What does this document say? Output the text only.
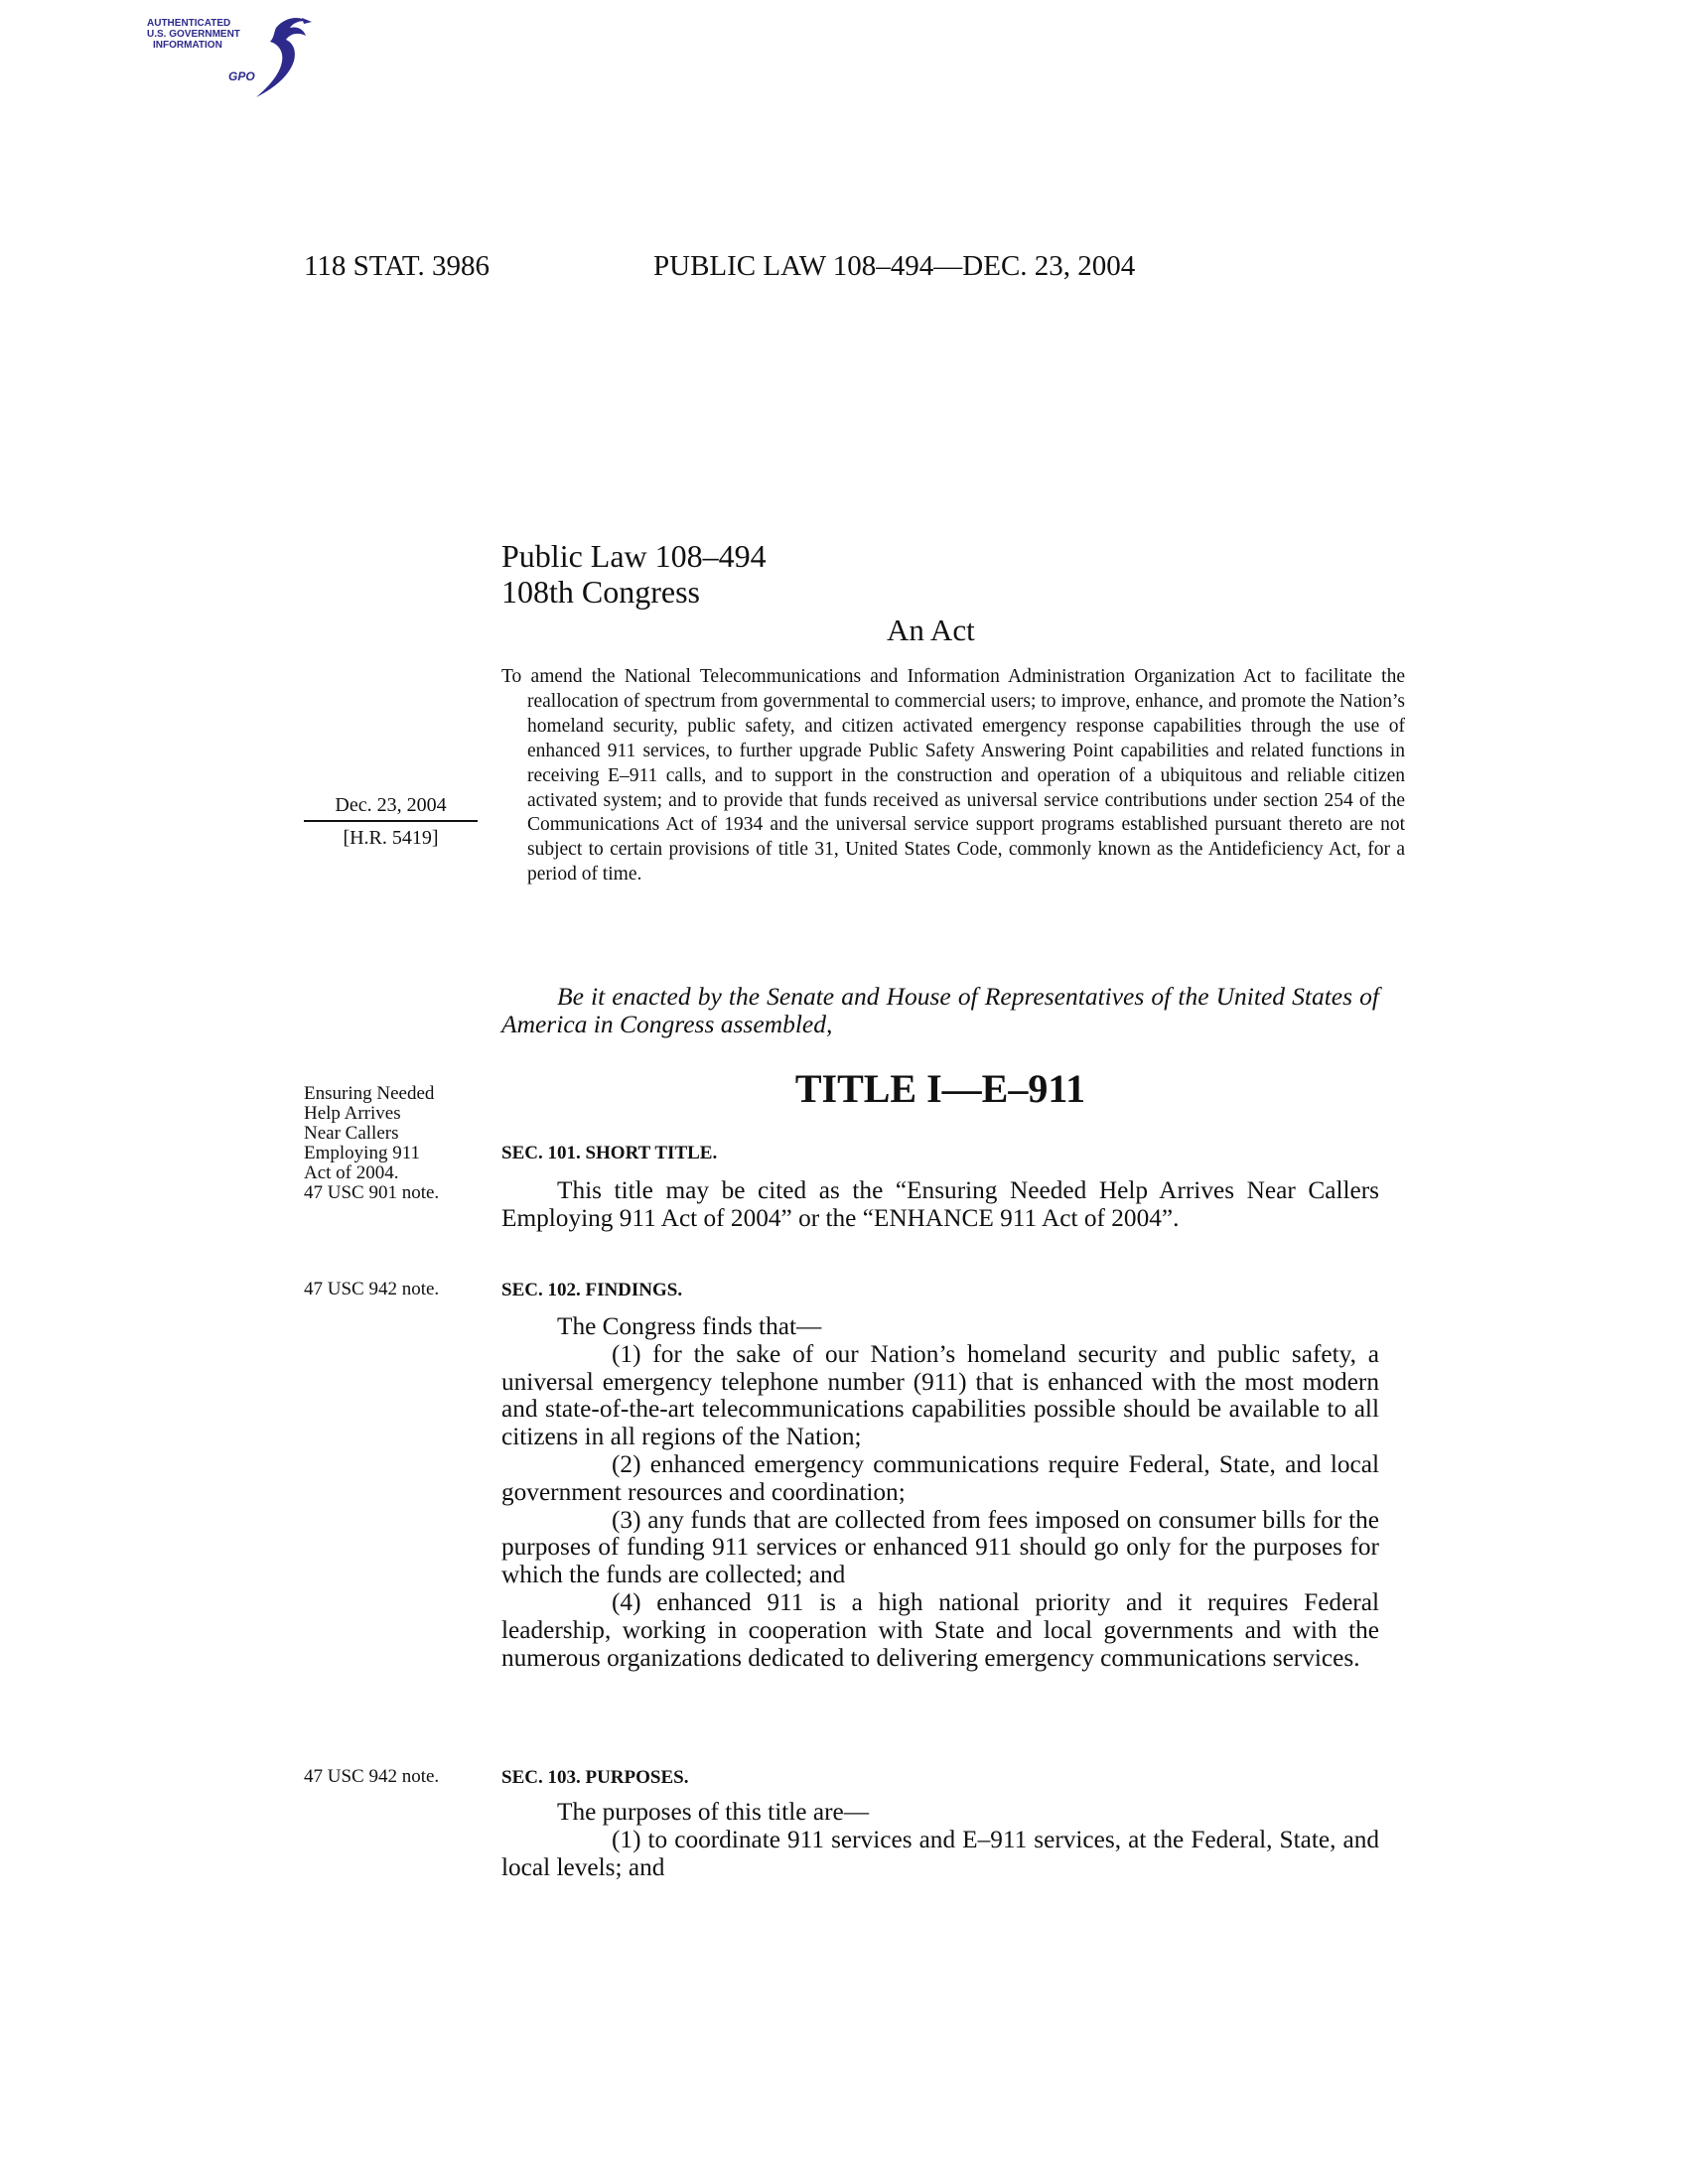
AUTHENTICATED
U.S. GOVERNMENT
INFORMATION
GPO
118 STAT. 3986	PUBLIC LAW 108–494—DEC. 23, 2004
Public Law 108–494
108th Congress
An Act
To amend the National Telecommunications and Information Administration Organization Act to facilitate the reallocation of spectrum from governmental to commercial users; to improve, enhance, and promote the Nation’s homeland security, public safety, and citizen activated emergency response capabilities through the use of enhanced 911 services, to further upgrade Public Safety Answering Point capabilities and related functions in receiving E–911 calls, and to support in the construction and operation of a ubiquitous and reliable citizen activated system; and to provide that funds received as universal service contributions under section 254 of the Communications Act of 1934 and the universal service support programs established pursuant thereto are not subject to certain provisions of title 31, United States Code, commonly known as the Antideficiency Act, for a period of time.
Dec. 23, 2004
[H.R. 5419]
Be it enacted by the Senate and House of Representatives of the United States of America in Congress assembled,
TITLE I—E–911
Ensuring Needed
Help Arrives
Near Callers
Employing 911
Act of 2004.
47 USC 901 note.
SEC. 101. SHORT TITLE.

This title may be cited as the “Ensuring Needed Help Arrives Near Callers Employing 911 Act of 2004” or the “ENHANCE 911 Act of 2004”.

47 USC 942 note.	SEC. 102. FINDINGS.

The Congress finds that—

(1) for the sake of our Nation’s homeland security and public safety, a universal emergency telephone number (911) that is enhanced with the most modern and state-of-the-art telecommunications capabilities possible should be available to all citizens in all regions of the Nation;

(2) enhanced emergency communications require Federal, State, and local government resources and coordination;

(3) any funds that are collected from fees imposed on consumer bills for the purposes of funding 911 services or enhanced 911 should go only for the purposes for which the funds are collected; and

(4) enhanced 911 is a high national priority and it requires Federal leadership, working in cooperation with State and local governments and with the numerous organizations dedicated to delivering emergency communications services.

47 USC 942 note.	SEC. 103. PURPOSES.

The purposes of this title are—

(1) to coordinate 911 services and E–911 services, at the Federal, State, and local levels; and
